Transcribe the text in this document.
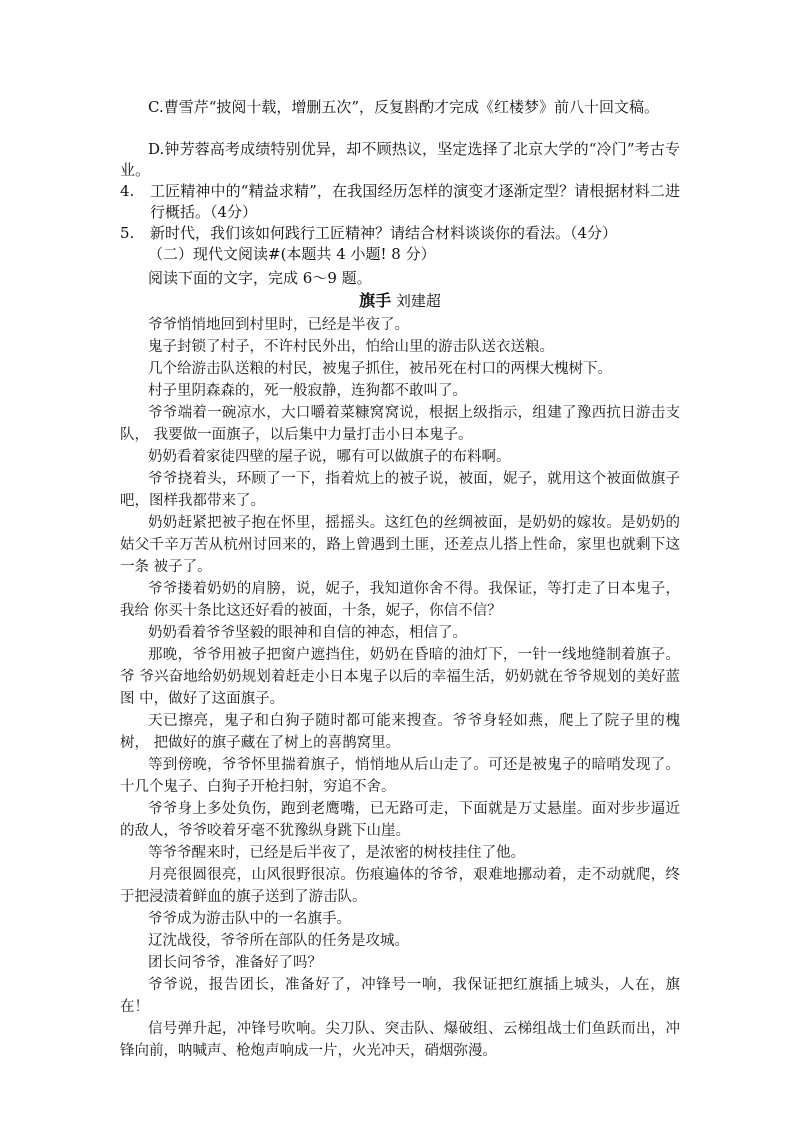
C.曹雪芹“披阅十载，增删五次”，反复斟酌才完成《红楼梦》前八十回文稿。

D.钟芳蓉高考成绩特别优异，却不顾热议，坚定选择了北京大学的“冷门”考古专业。

4.	工匠精神中的“精益求精”，在我国经历怎样的演变才逐渐定型？请根据材料二进行概括。（4分）

5.	新时代，我们该如何践行工匠精神？请结合材料谈谈你的看法。（4分）

（二）现代文阅读#(本题共 4 小题! 8 分）

阅读下面的文字，完成 6～9 题。

旗手 刘建超

爷爷悄悄地回到村里时，已经是半夜了。

鬼子封锁了村子，不许村民外出，怕给山里的游击队送衣送粮。

几个给游击队送粮的村民，被鬼子抓住，被吊死在村口的两棵大槐树下。

村子里阴森森的，死一般寂静，连狗都不敢叫了。

爷爷端着一碗凉水，大口嚼着菜糠窝窝说，根据上级指示，组建了豫西抗日游击支队， 我要做一面旗子，以后集中力量打击小日本鬼子。

奶奶看着家徒四壁的屋子说，哪有可以做旗子的布料啊。

爷爷挠着头，环顾了一下，指着炕上的被子说，被面，妮子，就用这个被面做旗子吧，图样我都带来了。

奶奶赶紧把被子抱在怀里，摇摇头。这红色的丝绸被面，是奶奶的嫁妆。是奶奶的姑父千辛万苦从杭州讨回来的，路上曾遇到土匪，还差点儿搭上性命，家里也就剩下这一条 被子了。

爷爷搂着奶奶的肩膀，说，妮子，我知道你舍不得。我保证，等打走了日本鬼子，我给 你买十条比这还好看的被面，十条，妮子，你信不信？

奶奶看着爷爷坚毅的眼神和自信的神态，相信了。

那晚，爷爷用被子把窗户遮挡住，奶奶在昏暗的油灯下，一针一线地缝制着旗子。爷 爷兴奋地给奶奶规划着赶走小日本鬼子以后的幸福生活，奶奶就在爷爷规划的美好蓝图 中，做好了这面旗子。

天已擦亮，鬼子和白狗子随时都可能来搜查。爷爷身轻如燕，爬上了院子里的槐树， 把做好的旗子藏在了树上的喜鹊窝里。

等到傍晚，爷爷怀里揣着旗子，悄悄地从后山走了。可还是被鬼子的暗哨发现了。十几个鬼子、白狗子开枪扫射，穷追不舍。

爷爷身上多处负伤，跑到老鹰嘴，已无路可走，下面就是万丈悬崖。面对步步逼近的敌人，爷爷咬着牙毫不犹豫纵身跳下山崖。

等爷爷醒来时，已经是后半夜了，是浓密的树枝挂住了他。

月亮很圆很亮，山风很野很凉。伤痕遍体的爷爷，艰难地挪动着，走不动就爬，终于把浸渍着鲜血的旗子送到了游击队。

爷爷成为游击队中的一名旗手。

辽沈战役，爷爷所在部队的任务是攻城。

团长问爷爷，准备好了吗？

爷爷说，报告团长，准备好了，冲锋号一响，我保证把红旗插上城头，人在，旗在！

信号弹升起，冲锋号吹响。尖刀队、突击队、爆破组、云梯组战士们鱼跃而出，冲锋向前，呐喊声、枪炮声响成一片，火光冲天，硝烟弥漫。
